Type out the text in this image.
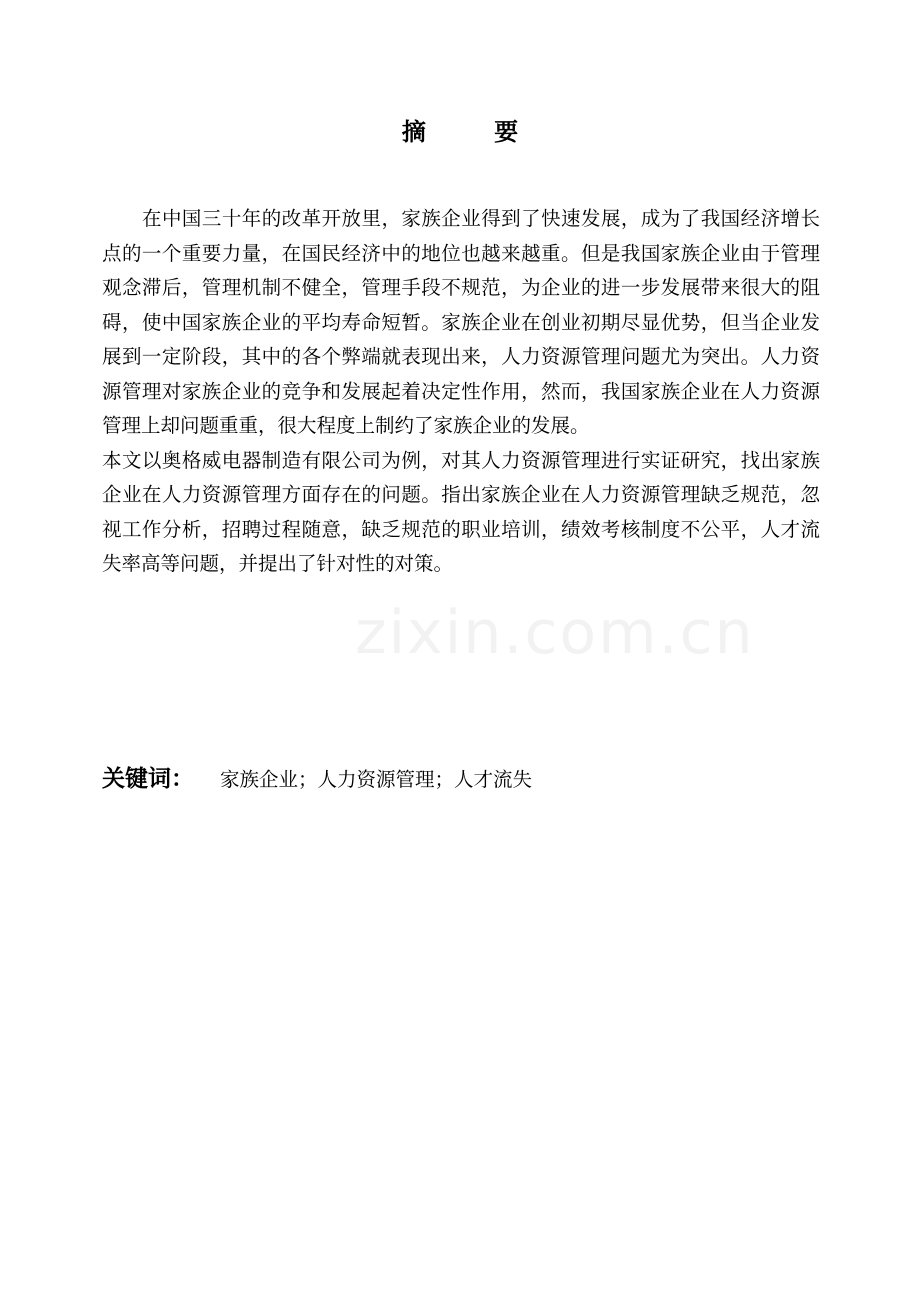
摘 要

在中国三十年的改革开放里，家族企业得到了快速发展，成为了我国经济增长点的一个重要力量，在国民经济中的地位也越来越重。但是我国家族企业由于管理观念滞后，管理机制不健全，管理手段不规范，为企业的进一步发展带来很大的阻碍，使中国家族企业的平均寿命短暂。家族企业在创业初期尽显优势，但当企业发展到一定阶段，其中的各个弊端就表现出来，人力资源管理问题尤为突出。人力资源管理对家族企业的竞争和发展起着决定性作用，然而，我国家族企业在人力资源管理上却问题重重，很大程度上制约了家族企业的发展。

本文以奥格威电器制造有限公司为例，对其人力资源管理进行实证研究，找出家族企业在人力资源管理方面存在的问题。指出家族企业在人力资源管理缺乏规范，忽视工作分析，招聘过程随意，缺乏规范的职业培训，绩效考核制度不公平，人才流失率高等问题，并提出了针对性的对策。

zixin.com.cn
关键词： 家族企业；人力资源管理；人才流失
